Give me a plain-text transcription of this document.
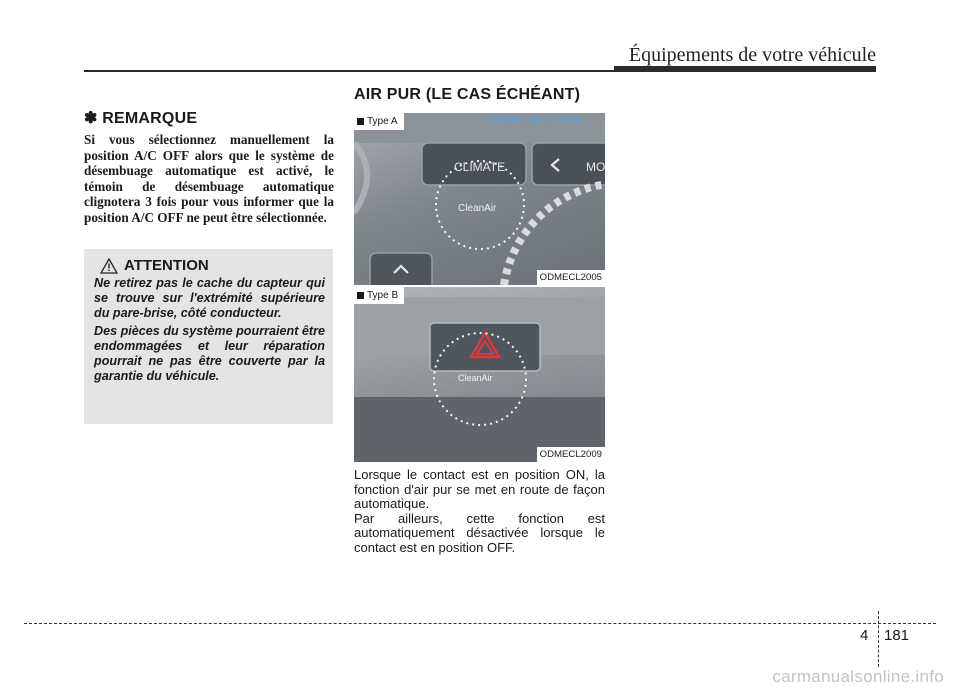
Équipements de votre véhicule
✽ REMARQUE

Si vous sélectionnez manuellement la position A/C OFF alors que le système de désembuage automatique est activé, le témoin de désembuage automatique clignotera 3 fois pour vous informer que la position A/C OFF ne peut être sélectionnée.

ATTENTION

Ne retirez pas le cache du capteur qui se trouve sur l'extrémité supérieure du pare-brise, côté conducteur.

Des pièces du système pourraient être endommagées et leur réparation pourrait ne pas être couverte par la garantie du véhicule.

AIR PUR (LE CAS ÉCHÉANT)
CLIMATE	MO
CleanAir
Type A
ODMECL2005
CarManuals2.com
CleanAir
Type B
ODMECL2009
Lorsque le contact est en position ON, la fonction d'air pur se met en route de façon automatique.
Par ailleurs, cette fonction est automatiquement désactivée lorsque le contact est en position OFF.
4 181
carmanualsonline.info
